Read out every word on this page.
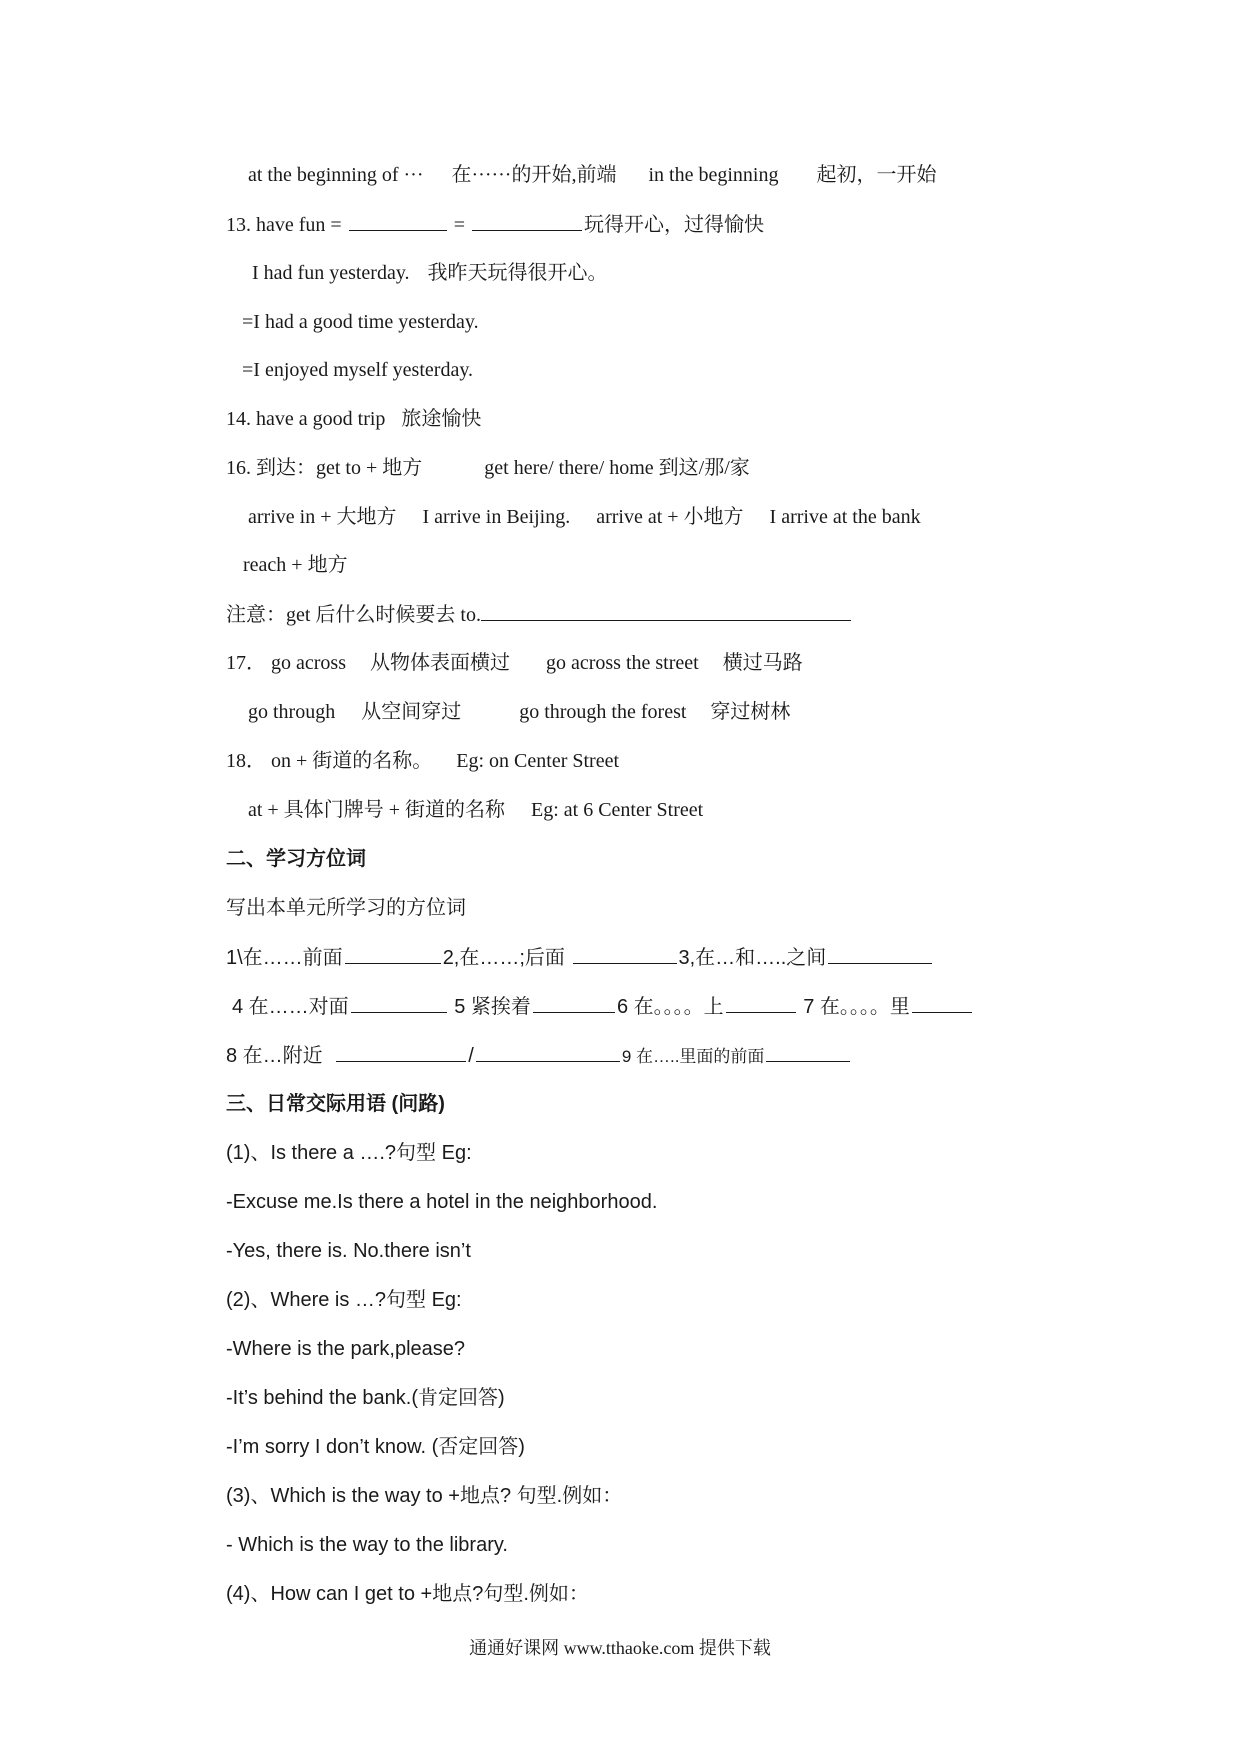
at the beginning of ··· 在······的开始,前端 in the beginning 起初，一开始
13. have fun =	=	玩得开心，过得愉快
I had fun yesterday. 我昨天玩得很开心。
=I had a good time yesterday.
=I enjoyed myself yesterday.
14. have a good trip 旅途愉快
16. 到达：get to + 地方	get here/ there/ home 到这/那/家
arrive in + 大地方 I arrive in Beijing. arrive at + 小地方 I arrive at the bank
reach + 地方
注意：get 后什么时候要去 to.
17． go across 从物体表面横过 go across the street 横过马路
go through 从空间穿过	go through the forest 穿过树林
18． on + 街道的名称。 Eg: on Center Street
at + 具体门牌号 + 街道的名称 Eg: at 6 Center Street
二、学习方位词
写出本单元所学习的方位词
1\在……前面	2,在……;后面	3,在…和…..之间
4 在……对面	5 紧挨着	6 在。。。。上	7 在。。。。里
8 在…附近	/	9 在…..里面的前面
三、日常交际用语 (问路)
(1)、Is there a ….?句型 Eg:
-Excuse me.Is there a hotel in the neighborhood.
-Yes, there is. No.there isn’t
(2)、Where is …?句型 Eg:
-Where is the park,please?
-It’s behind the bank.(肯定回答)
-I’m sorry I don’t know. (否定回答)
(3)、Which is the way to +地点? 句型.例如：
- Which is the way to the library.
(4)、How can I get to +地点?句型.例如：
通通好课网 www.tthaoke.com 提供下载
